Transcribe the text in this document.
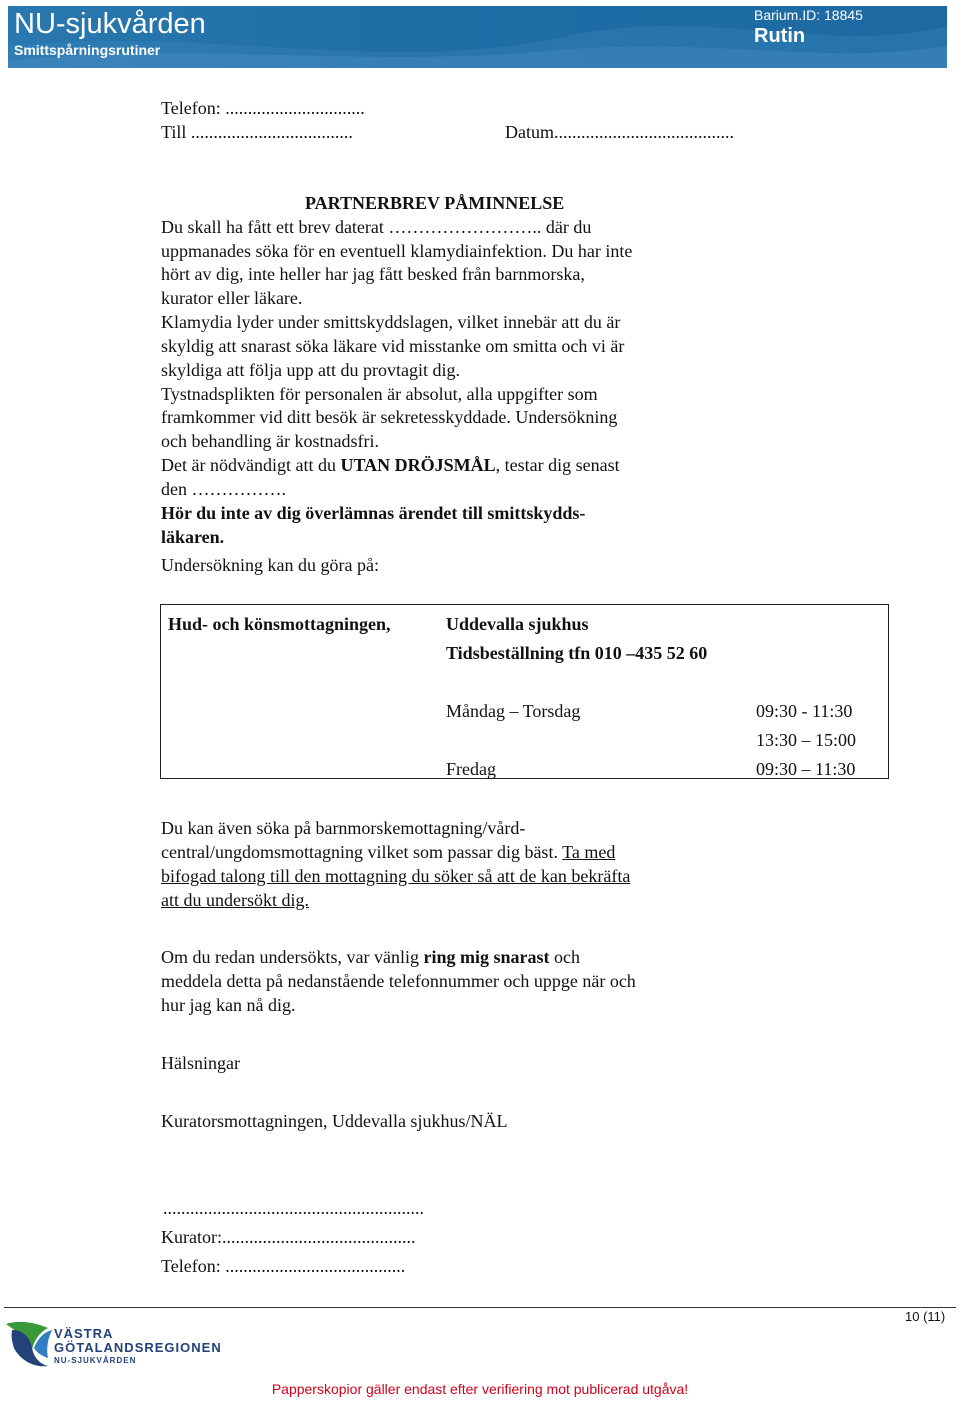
NU-sjukvården
Smittspårningsrutiner
Barium.ID: 18845
Rutin
Telefon: ...............................
Till ....................................	Datum........................................
PARTNERBREV PÅMINNELSE
Du skall ha fått ett brev daterat …………………….. där du
uppmanades söka för en eventuell klamydiainfektion. Du har inte
hört av dig, inte heller har jag fått besked från barnmorska,
kurator eller läkare.
Klamydia lyder under smittskyddslagen, vilket innebär att du är
skyldig att snarast söka läkare vid misstanke om smitta och vi är
skyldiga att följa upp att du provtagit dig.
Tystnadsplikten för personalen är absolut, alla uppgifter som
framkommer vid ditt besök är sekretesskyddade. Undersökning
och behandling är kostnadsfri.
Det är nödvändigt att du UTAN DRÖJSMÅL, testar dig senast
den …………….
Hör du inte av dig överlämnas ärendet till smittskydds-
läkaren.
Undersökning kan du göra på:
Hud- och könsmottagningen,	Uddevalla sjukhus
Tidsbeställning tfn 010 –435 52 60
Måndag – Torsdag	09:30 - 11:30
13:30 – 15:00
Fredag	09:30 – 11:30
Du kan även söka på barnmorskemottagning/vård-
central/ungdomsmottagning vilket som passar dig bäst. Ta med
bifogad talong till den mottagning du söker så att de kan bekräfta
att du undersökt dig.
Om du redan undersökts, var vänlig ring mig snarast och
meddela detta på nedanstående telefonnummer och uppge när och
hur jag kan nå dig.
Hälsningar
Kuratorsmottagningen, Uddevalla sjukhus/NÄL
..........................................................
Kurator:...........................................
Telefon: ........................................
10 (11)
VÄSTRA
GÖTALANDSREGIONEN
NU-SJUKVÅRDEN
Papperskopior gäller endast efter verifiering mot publicerad utgåva!
